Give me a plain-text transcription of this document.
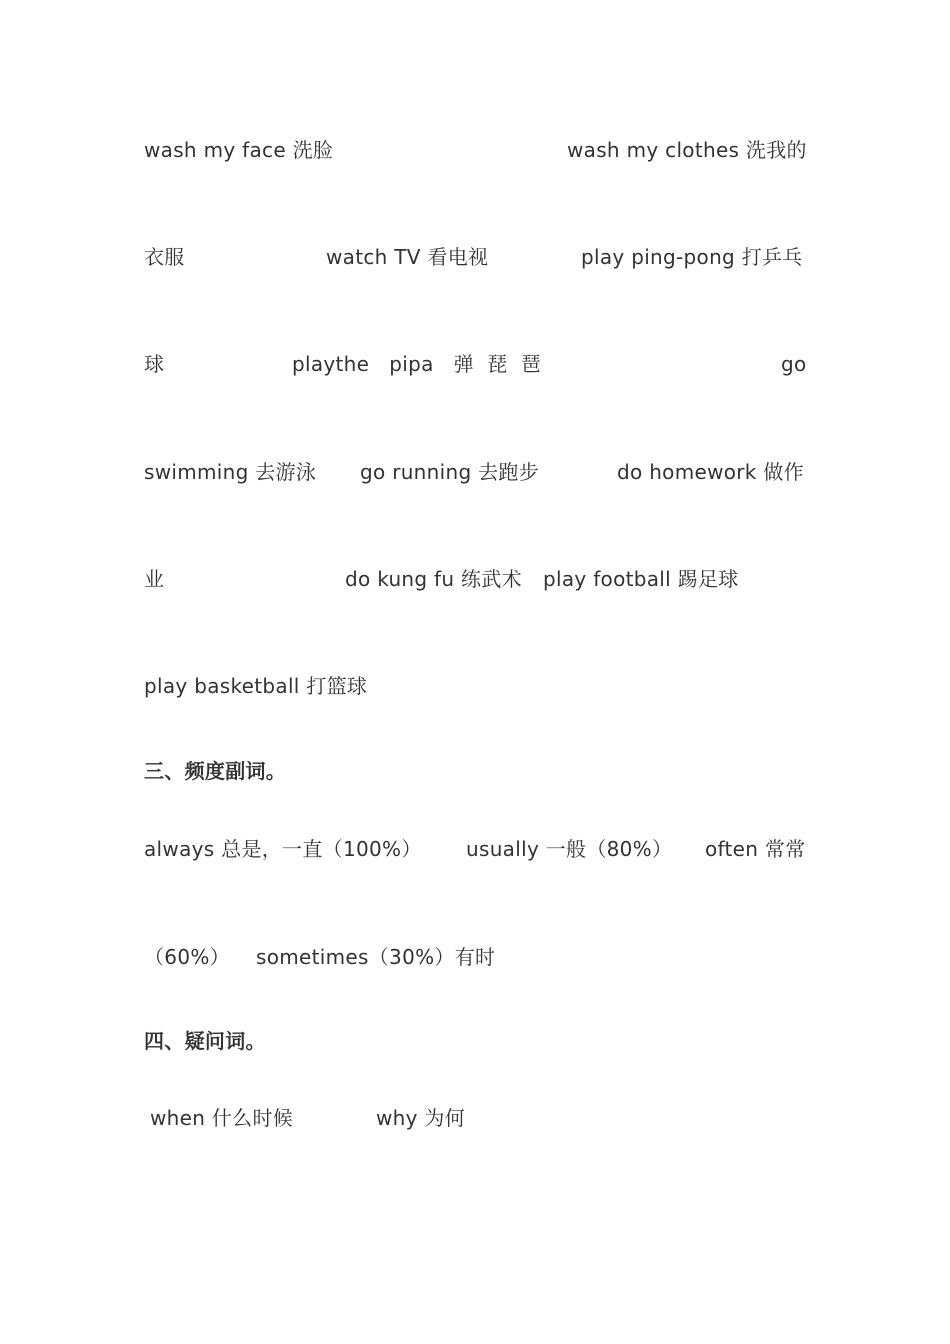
wash my face 洗脸	wash my clothes 洗我的
衣服	watch TV 看电视	play ping-pong 打乒乓
球	playthe   pipa   弹  琵  琶	go
swimming 去游泳 go running 去跑步	do homework 做作
业	do kung fu 练武术 play football 踢足球
play basketball 打篮球
三、频度副词。
always 总是，一直（100%） usually 一般（80%） often 常常
（60%） sometimes（30%）有时
四、疑问词。
when 什么时候	why 为何
